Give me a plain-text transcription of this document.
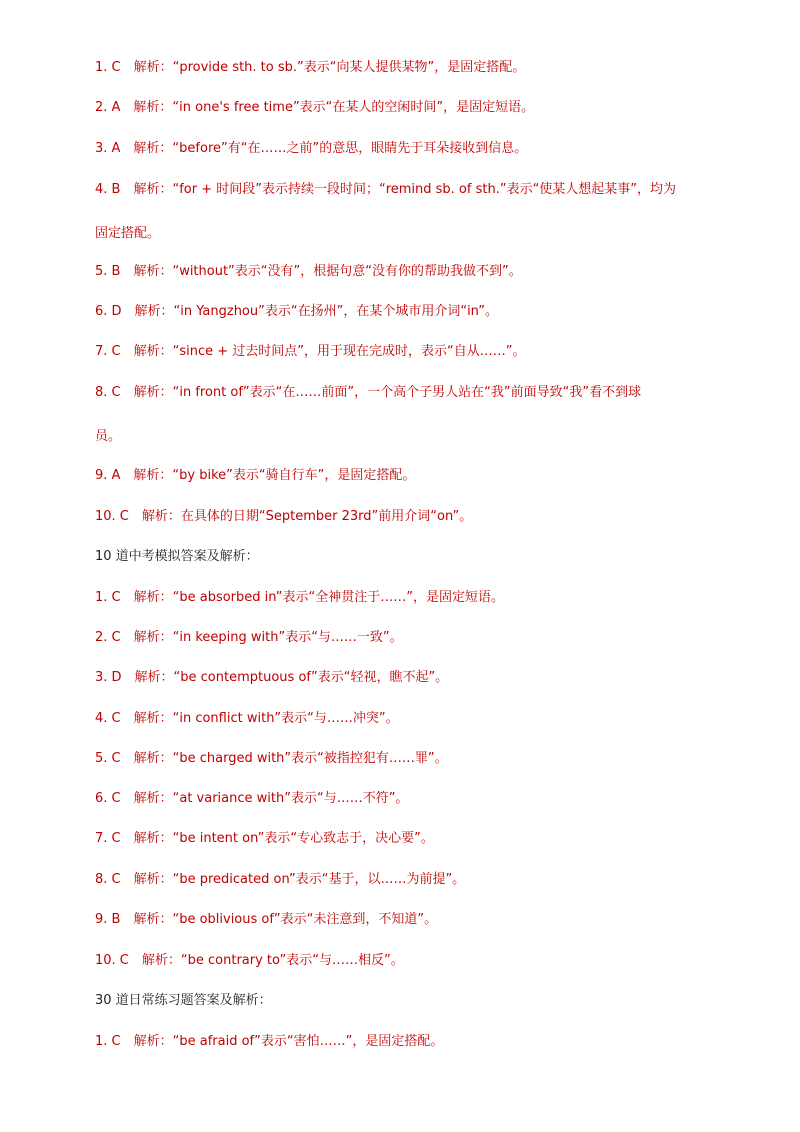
1. C　解析：“provide sth. to sb.”表示“向某人提供某物”，是固定搭配。
2. A　解析：“in one's free time”表示“在某人的空闲时间”，是固定短语。
3. A　解析：“before”有“在……之前”的意思，眼睛先于耳朵接收到信息。
4. B　解析：“for + 时间段”表示持续一段时间；“remind sb. of sth.”表示“使某人想起某事”，均为
固定搭配。
5. B　解析：“without”表示“没有”，根据句意“没有你的帮助我做不到”。
6. D　解析：“in Yangzhou”表示“在扬州”，在某个城市用介词“in”。
7. C　解析：“since + 过去时间点”，用于现在完成时，表示“自从……”。
8. C　解析：“in front of”表示“在……前面”，一个高个子男人站在“我”前面导致“我”看不到球
员。
9. A　解析：“by bike”表示“骑自行车”，是固定搭配。
10. C　解析：在具体的日期“September 23rd”前用介词“on”。
10 道中考模拟答案及解析：
1. C　解析：“be absorbed in”表示“全神贯注于……”，是固定短语。
2. C　解析：“in keeping with”表示“与……一致”。
3. D　解析：“be contemptuous of”表示“轻视，瞧不起”。
4. C　解析：“in conflict with”表示“与……冲突”。
5. C　解析：“be charged with”表示“被指控犯有……罪”。
6. C　解析：“at variance with”表示“与……不符”。
7. C　解析：“be intent on”表示“专心致志于，决心要”。
8. C　解析：“be predicated on”表示“基于，以……为前提”。
9. B　解析：“be oblivious of”表示“未注意到，不知道”。
10. C　解析：“be contrary to”表示“与……相反”。
30 道日常练习题答案及解析：
1. C　解析：“be afraid of”表示“害怕……”，是固定搭配。
